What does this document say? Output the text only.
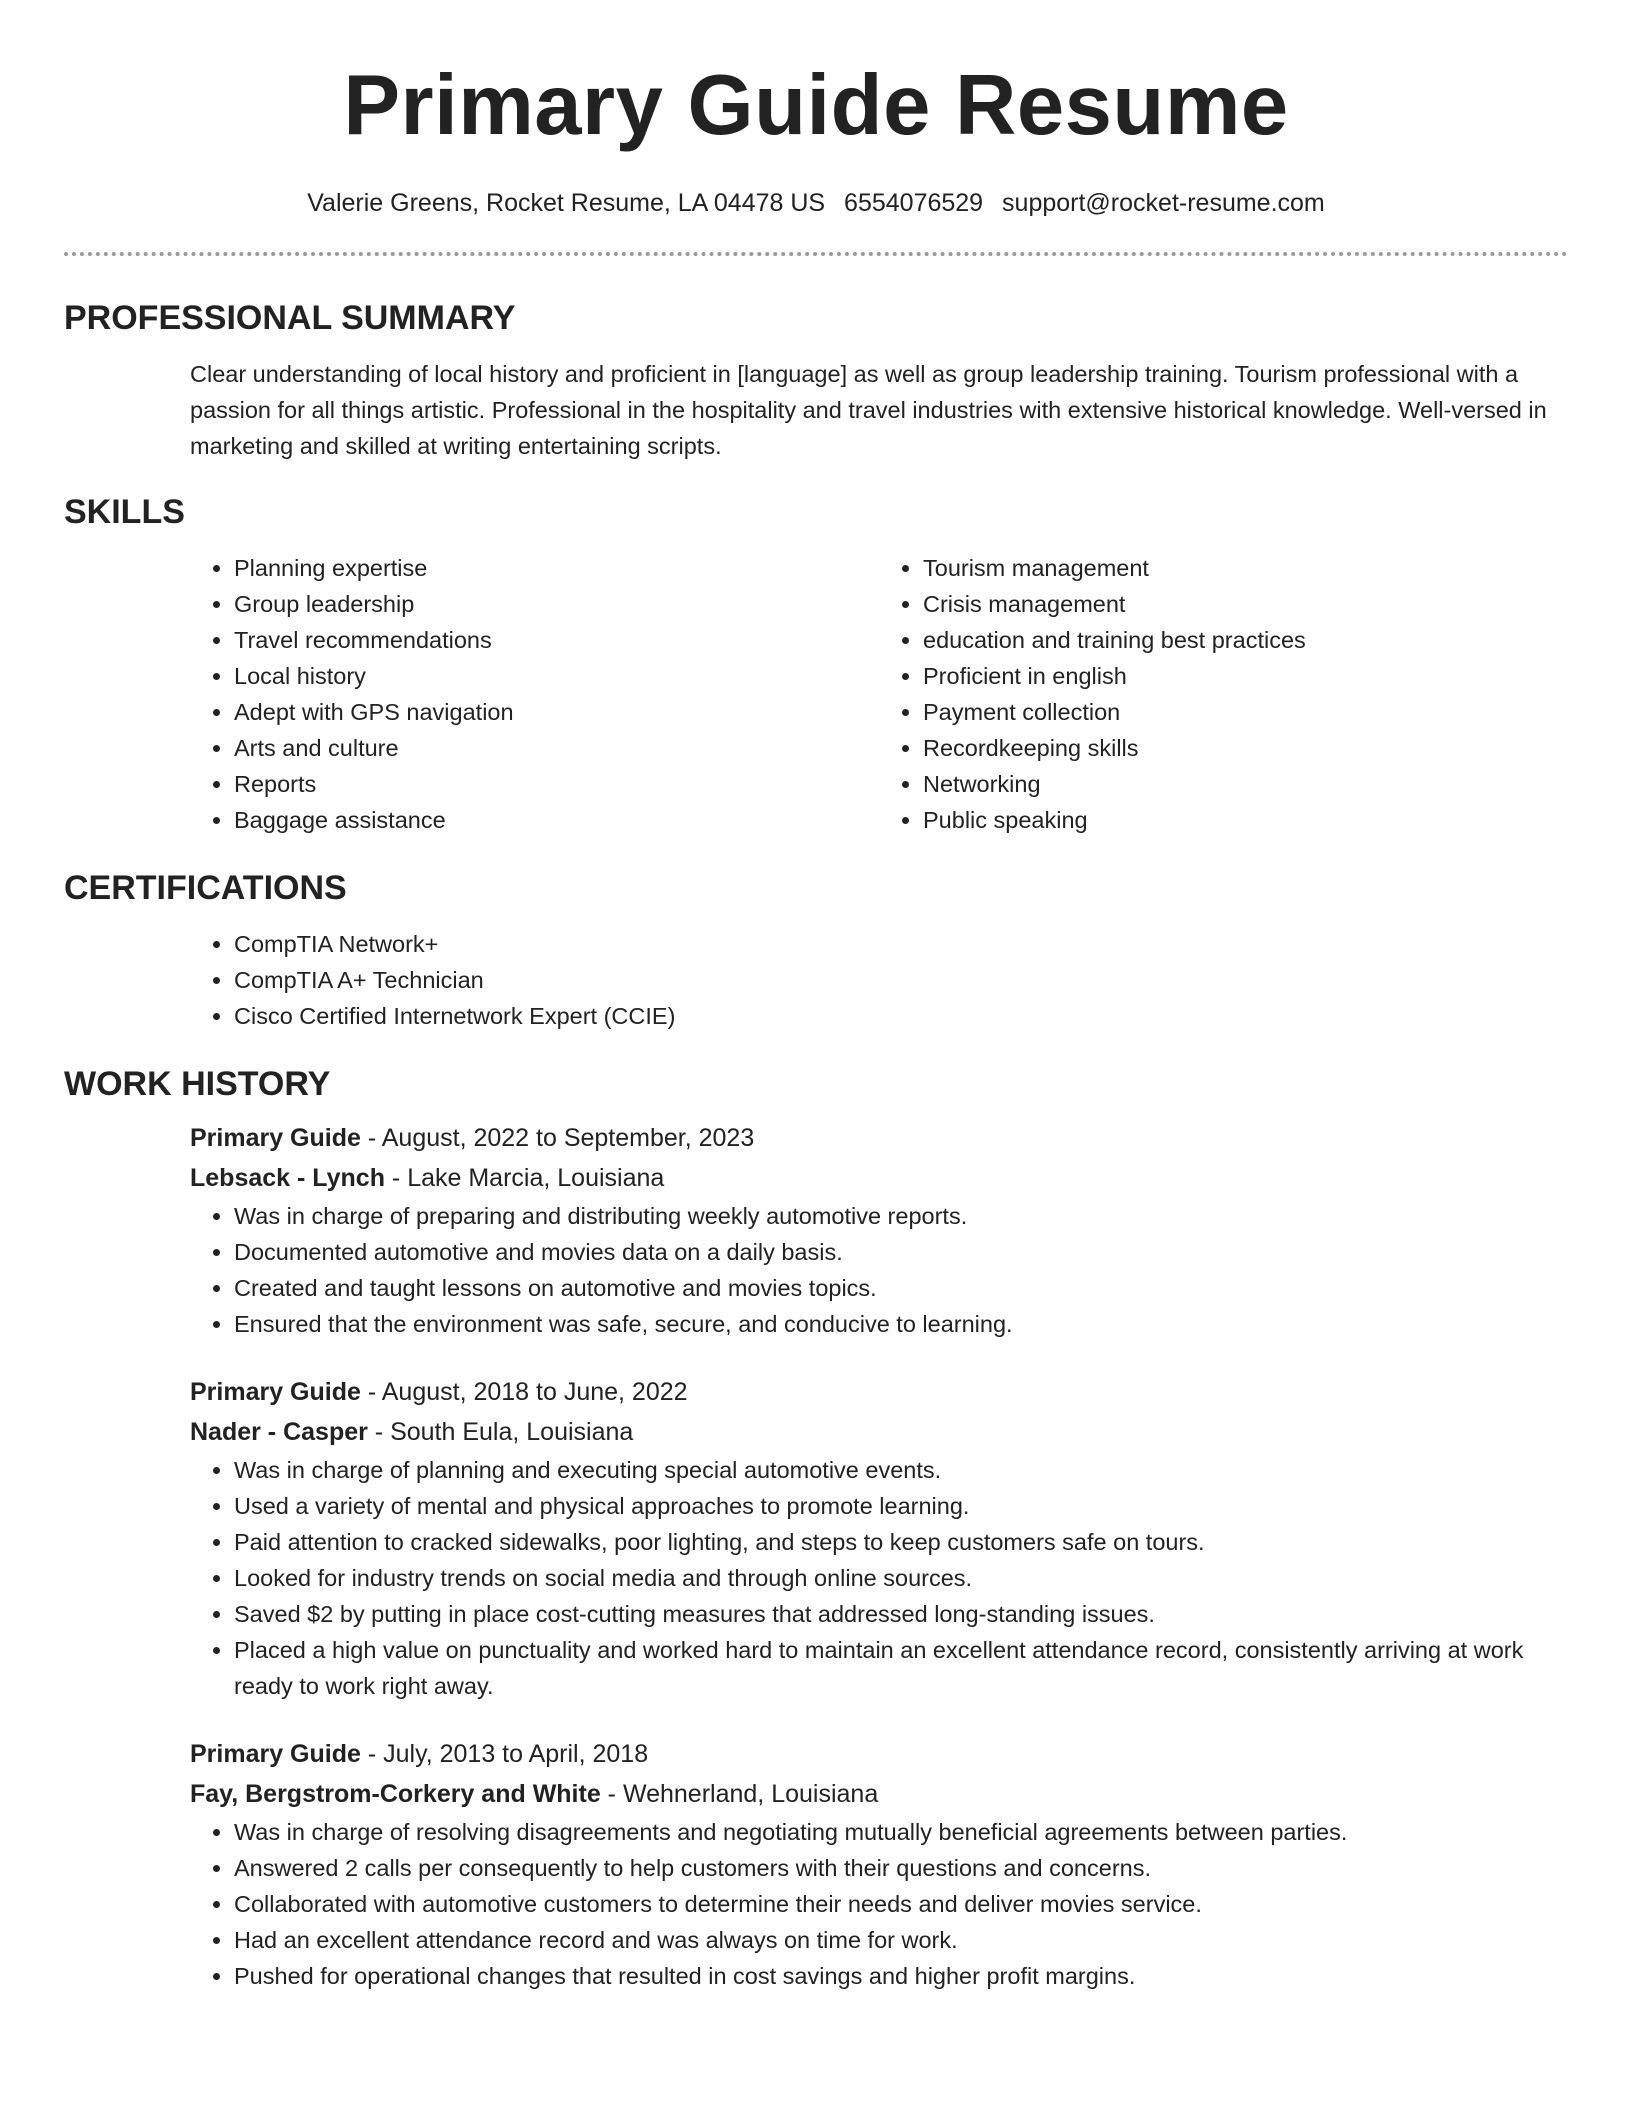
Primary Guide Resume
Valerie Greens, Rocket Resume, LA 04478 US 6554076529 support@rocket-resume.com
PROFESSIONAL SUMMARY

Clear understanding of local history and proficient in [language] as well as group leadership training. Tourism professional with a passion for all things artistic. Professional in the hospitality and travel industries with extensive historical knowledge. Well-versed in marketing and skilled at writing entertaining scripts.

SKILLS
• Planning expertise
• Group leadership
• Travel recommendations
• Local history
• Adept with GPS navigation
• Arts and culture
• Reports
• Baggage assistance
• Tourism management
• Crisis management
• education and training best practices
• Proficient in english
• Payment collection
• Recordkeeping skills
• Networking
• Public speaking
CERTIFICATIONS
• CompTIA Network+
• CompTIA A+ Technician
• Cisco Certified Internetwork Expert (CCIE)
WORK HISTORY
Primary Guide - August, 2022 to September, 2023
Lebsack - Lynch - Lake Marcia, Louisiana
• Was in charge of preparing and distributing weekly automotive reports.
• Documented automotive and movies data on a daily basis.
• Created and taught lessons on automotive and movies topics.
• Ensured that the environment was safe, secure, and conducive to learning.
Primary Guide - August, 2018 to June, 2022
Nader - Casper - South Eula, Louisiana
• Was in charge of planning and executing special automotive events.
• Used a variety of mental and physical approaches to promote learning.
• Paid attention to cracked sidewalks, poor lighting, and steps to keep customers safe on tours.
• Looked for industry trends on social media and through online sources.
• Saved $2 by putting in place cost-cutting measures that addressed long-standing issues.
• Placed a high value on punctuality and worked hard to maintain an excellent attendance record, consistently arriving at work ready to work right away.
Primary Guide - July, 2013 to April, 2018
Fay, Bergstrom-Corkery and White - Wehnerland, Louisiana
• Was in charge of resolving disagreements and negotiating mutually beneficial agreements between parties.
• Answered 2 calls per consequently to help customers with their questions and concerns.
• Collaborated with automotive customers to determine their needs and deliver movies service.
• Had an excellent attendance record and was always on time for work.
• Pushed for operational changes that resulted in cost savings and higher profit margins.
